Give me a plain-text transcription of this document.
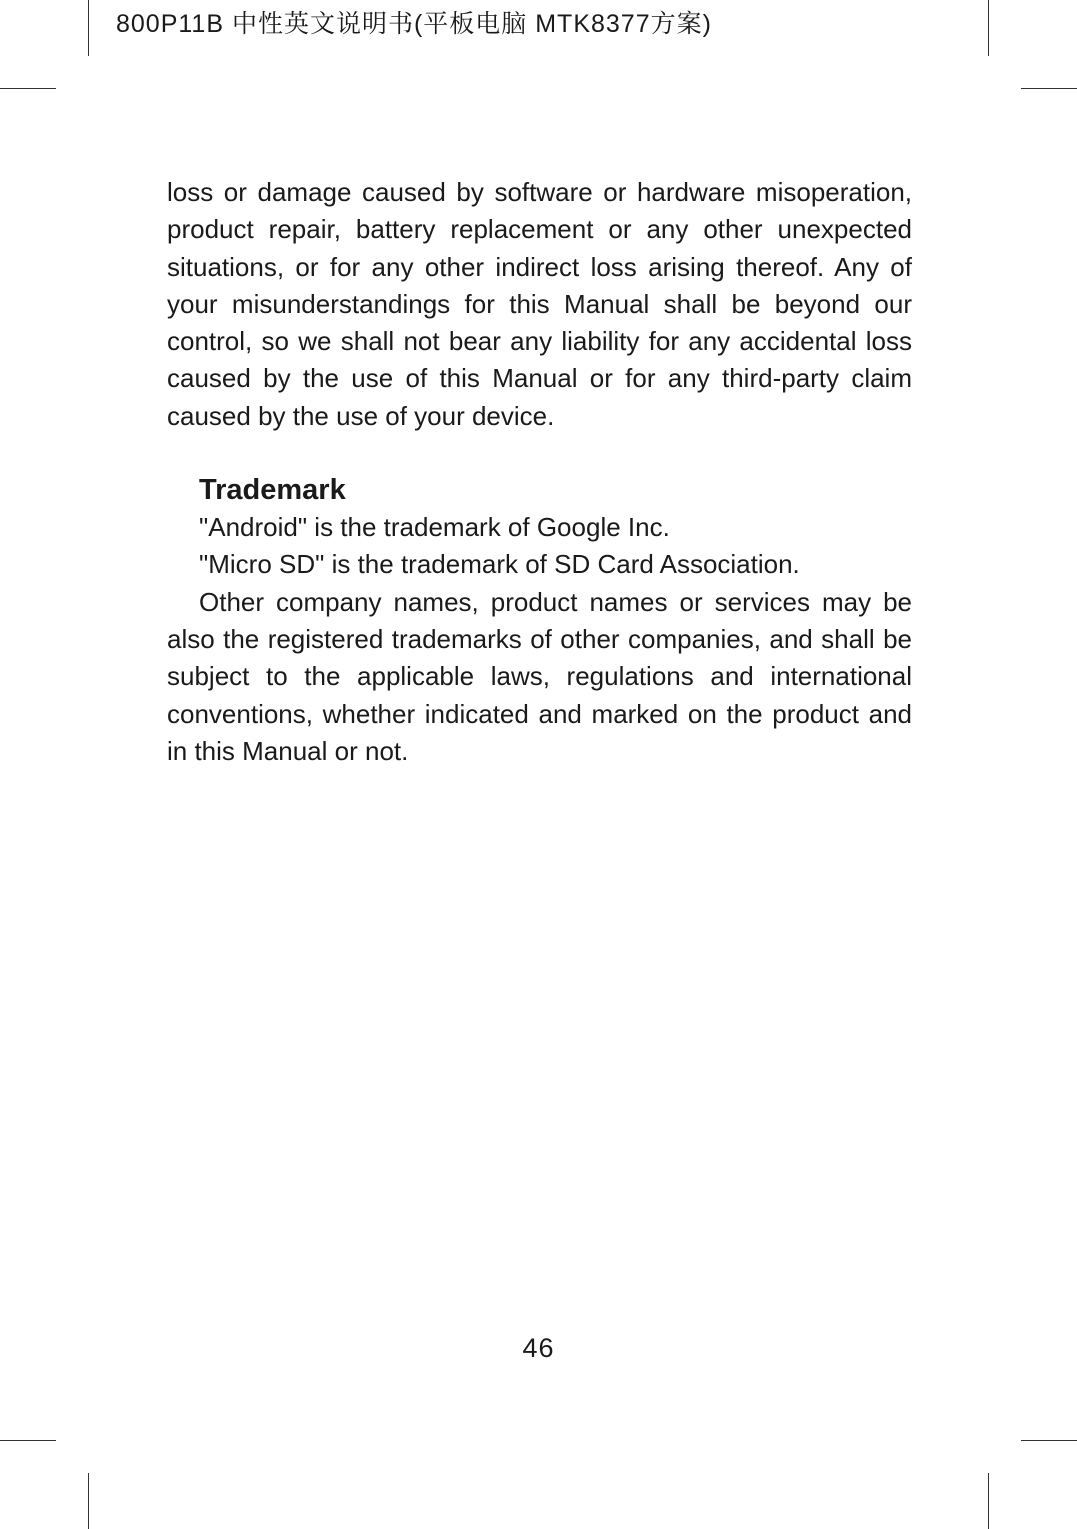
800P11B 中性英文说明书(平板电脑 MTK8377方案)

loss or damage caused by software or hardware misoperation, product repair, battery replacement or any other unexpected situations, or for any other indirect loss arising thereof. Any of your misunderstandings for this Manual shall be beyond our control, so we shall not bear any liability for any accidental loss caused by the use of this Manual or for any third-party claim caused by the use of your device.

Trademark

"Android" is the trademark of Google Inc.

"Micro SD" is the trademark of SD Card Association.

Other company names, product names or services may be also the registered trademarks of other companies, and shall be subject to the applicable laws, regulations and international conventions, whether indicated and marked on the product and in this Manual or not.

46
